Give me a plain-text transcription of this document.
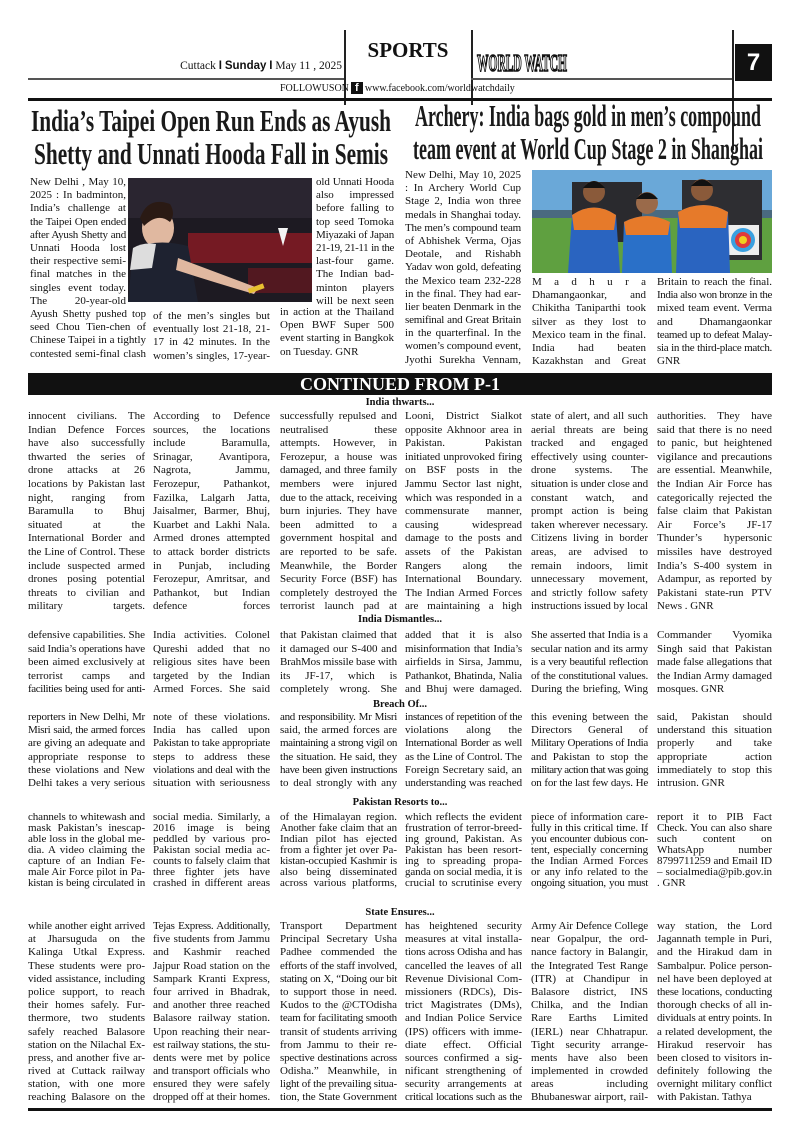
Cuttack I Sunday I May 11 , 2025
SPORTS
WORLD WATCH	7
FOLLOWUSON f www.facebook.com/worldwatchdaily
India’s Taipei Open Run Ends as Ayush
Shetty and Unnati Hooda Fall in Semis
New Delhi , May 10,
2025 : In badminton,
India’s challenge at
the Taipei Open ended
after Ayush Shetty and
Unnati Hooda lost
their respective semi-
final matches in the
singles event today.
The 20-year-old
Ayush Shetty pushed top
seed Chou Tien-chen of
Chinese Taipei in a tightly
contested semi-final clash
of the men’s singles but
eventually lost 21-18, 21-
17 in 42 minutes. In the
women’s singles, 17-year-
old Unnati Hooda
also impressed
before falling to
top seed Tomoka
Miyazaki of Japan
21-19, 21-11 in the
last-four game.
The Indian bad-
minton players
will be next seen
in action at the Thailand
Open BWF Super 500
event starting in Bangkok
on Tuesday. GNR
Archery: India bags gold in men’s compound
team event at World Cup Stage 2 in Shanghai
New Delhi, May 10, 2025
: In Archery World Cup
Stage 2, India won three
medals in Shanghai today.
The men’s compound team
of Abhishek Verma, Ojas
Deotale, and Rishabh
Yadav won gold, defeating
the Mexico team 232-228
in the final. They had ear-
lier beaten Denmark in the
semifinal and Great Britain
in the quarterfinal. In the
women’s compound event,
Jyothi Surekha Vennam,
M a d h u r a
Dhamangaonkar, and
Chikitha Taniparthi took
silver as they lost to
Mexico team in the final.
India had beaten
Kazakhstan and Great
Britain to reach the final.
India also won bronze in the
mixed team event. Verma
and Dhamangaonkar
teamed up to defeat Malay-
sia in the third-place match.
GNR
CONTINUED FROM P-1
India thwarts...
innocent civilians. The
Indian Defence Forces
have also successfully
thwarted the series of
drone attacks at 26
locations by Pakistan last
night, ranging from
Baramulla to Bhuj
situated at the
International Border and
the Line of Control. These
include suspected armed
drones posing potential
threats to civilian and
military targets.
According to Defence
sources, the locations
include Baramulla,
Srinagar, Avantipora,
Nagrota, Jammu,
Ferozepur, Pathankot,
Fazilka, Lalgarh Jatta,
Jaisalmer, Barmer, Bhuj,
Kuarbet and Lakhi Nala.
Armed drones attempted
to attack border districts
in Punjab, including
Ferozepur, Amritsar, and
Pathankot, but Indian
defence forces
successfully repulsed and
neutralised these
attempts. However, in
Ferozepur, a house was
damaged, and three family
members were injured
due to the attack, receiving
burn injuries. They have
been admitted to a
government hospital and
are reported to be safe.
Meanwhile, the Border
Security Force (BSF) has
completely destroyed the
terrorist launch pad at
Looni, District Sialkot
opposite Akhnoor area in
Pakistan. Pakistan
initiated unprovoked firing
on BSF posts in the
Jammu Sector last night,
which was responded in a
commensurate manner,
causing widespread
damage to the posts and
assets of the Pakistan
Rangers along the
International Boundary.
The Indian Armed Forces
are maintaining a high
state of alert, and all such
aerial threats are being
tracked and engaged
effectively using counter-
drone systems. The
situation is under close and
constant watch, and
prompt action is being
taken wherever necessary.
Citizens living in border
areas, are advised to
remain indoors, limit
unnecessary movement,
and strictly follow safety
instructions issued by local
authorities. They have
said that there is no need
to panic, but heightened
vigilance and precautions
are essential. Meanwhile,
the Indian Air Force has
categorically rejected the
false claim that Pakistan
Air Force’s JF-17
Thunder’s hypersonic
missiles have destroyed
India’s S-400 system in
Adampur, as reported by
Pakistani state-run PTV
News . GNR
India Dismantles...
defensive capabilities. She
said India’s operations have
been aimed exclusively at
terrorist camps and
facilities being used for anti-
India activities. Colonel
Qureshi added that no
religious sites have been
targeted by the Indian
Armed Forces. She said
that Pakistan claimed that
it damaged our S-400 and
BrahMos missile base with
its JF-17, which is
completely wrong. She
added that it is also
misinformation that India’s
airfields in Sirsa, Jammu,
Pathankot, Bhatinda, Nalia
and Bhuj were damaged.
She asserted that India is a
secular nation and its army
is a very beautiful reflection
of the constitutional values.
During the briefing, Wing
Commander Vyomika
Singh said that Pakistan
made false allegations that
the Indian Army damaged
mosques. GNR
Breach Of...
reporters in New Delhi, Mr
Misri said, the armed forces
are giving an adequate and
appropriate response to
these violations and New
Delhi takes a very serious
note of these violations.
India has called upon
Pakistan to take appropriate
steps to address these
violations and deal with the
situation with seriousness
and responsibility. Mr Misri
said, the armed forces are
maintaining a strong vigil on
the situation. He said, they
have been given instructions
to deal strongly with any
instances of repetition of the
violations along the
International Border as well
as the Line of Control. The
Foreign Secretary said, an
understanding was reached
this evening between the
Directors General of
Military Operations of India
and Pakistan to stop the
military action that was going
on for the last few days. He
said, Pakistan should
understand this situation
properly and take
appropriate action
immediately to stop this
intrusion. GNR
Pakistan Resorts to...
channels to whitewash and
mask Pakistan’s inescap-
able loss in the global me-
dia. A video claiming the
capture of an Indian Fe-
male Air Force pilot in Pa-
kistan is being circulated in
social media. Similarly, a
2016 image is being
peddled by various pro-
Pakistan social media ac-
counts to falsely claim that
three fighter jets have
crashed in different areas
of the Himalayan region.
Another fake claim that an
Indian pilot has ejected
from a fighter jet over Pa-
kistan-occupied Kashmir is
also being disseminated
across various platforms,
which reflects the evident
frustration of terror-breed-
ing ground, Pakistan. As
Pakistan has been resort-
ing to spreading propa-
ganda on social media, it is
crucial to scrutinise every
piece of information care-
fully in this critical time. If
you encounter dubious con-
tent, especially concerning
the Indian Armed Forces
or any info related to the
ongoing situation, you must
report it to PIB Fact
Check. You can also share
such content on
WhatsApp number
8799711259 and Email ID
– socialmedia@pib.gov.in
. GNR
State Ensures...
while another eight arrived
at Jharsuguda on the
Kalinga Utkal Express.
These students were pro-
vided assistance, including
police support, to reach
their homes safely. Fur-
thermore, two students
safely reached Balasore
station on the Nilachal Ex-
press, and another five ar-
rived at Cuttack railway
station, with one more
reaching Balasore on the
Tejas Express. Additionally,
five students from Jammu
and Kashmir reached
Jajpur Road station on the
Sampark Kranti Express,
four arrived in Bhadrak,
and another three reached
Balasore railway station.
Upon reaching their near-
est railway stations, the stu-
dents were met by police
and transport officials who
ensured they were safely
dropped off at their homes.
Transport Department
Principal Secretary Usha
Padhee commended the
efforts of the staff involved,
stating on X, “Doing our bit
to support those in need.
Kudos to the @CTOdisha
team for facilitating smooth
transit of students arriving
from Jammu to their re-
spective destinations across
Odisha.” Meanwhile, in
light of the prevailing situa-
tion, the State Government
has heightened security
measures at vital installa-
tions across Odisha and has
cancelled the leaves of all
Revenue Divisional Com-
missioners (RDCs), Dis-
trict Magistrates (DMs),
and Indian Police Service
(IPS) officers with imme-
diate effect. Official
sources confirmed a sig-
nificant strengthening of
security arrangements at
critical locations such as the
Army Air Defence College
near Gopalpur, the ord-
nance factory in Balangir,
the Integrated Test Range
(ITR) at Chandipur in
Balasore district, INS
Chilka, and the Indian
Rare Earths Limited
(IERL) near Chhatrapur.
Tight security arrange-
ments have also been
implemented in crowded
areas including
Bhubaneswar airport, rail-
way station, the Lord
Jagannath temple in Puri,
and the Hirakud dam in
Sambalpur. Police person-
nel have been deployed at
these locations, conducting
thorough checks of all in-
dividuals at entry points. In
a related development, the
Hirakud reservoir has
been closed to visitors in-
definitely following the
overnight military conflict
with Pakistan. Tathya
